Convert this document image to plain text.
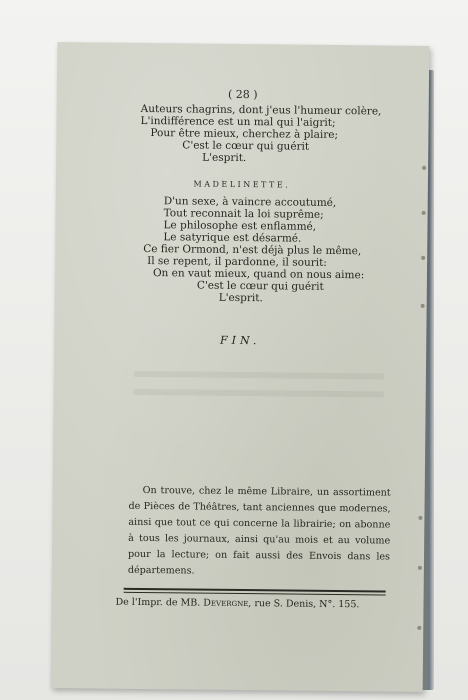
( 28 )
Auteurs chagrins, dont j'eus l'humeur colère,
L'indifférence est un mal qui l'aigrit;
Pour être mieux, cherchez à plaire;
C'est le cœur qui guérit
L'esprit.
MADELINETTE.
D'un sexe, à vaincre accoutumé,
Tout reconnait la loi suprême;
Le philosophe est enflammé,
Le satyrique est désarmé.
Ce fier Ormond, n'est déjà plus le même,
Il se repent, il pardonne, il sourit:
On en vaut mieux, quand on nous aime:
C'est le cœur qui guérit
L'esprit.
FIN.
On trouve, chez le même Libraire, un assortiment de Pièces de Théâtres, tant anciennes que modernes, ainsi que tout ce qui concerne la librairie; on abonne à tous les journaux, ainsi qu'au mois et au volume pour la lecture; on fait aussi des Envois dans les départemens.
De l'Impr. de MB. Devergne, rue S. Denis, N°. 155.
